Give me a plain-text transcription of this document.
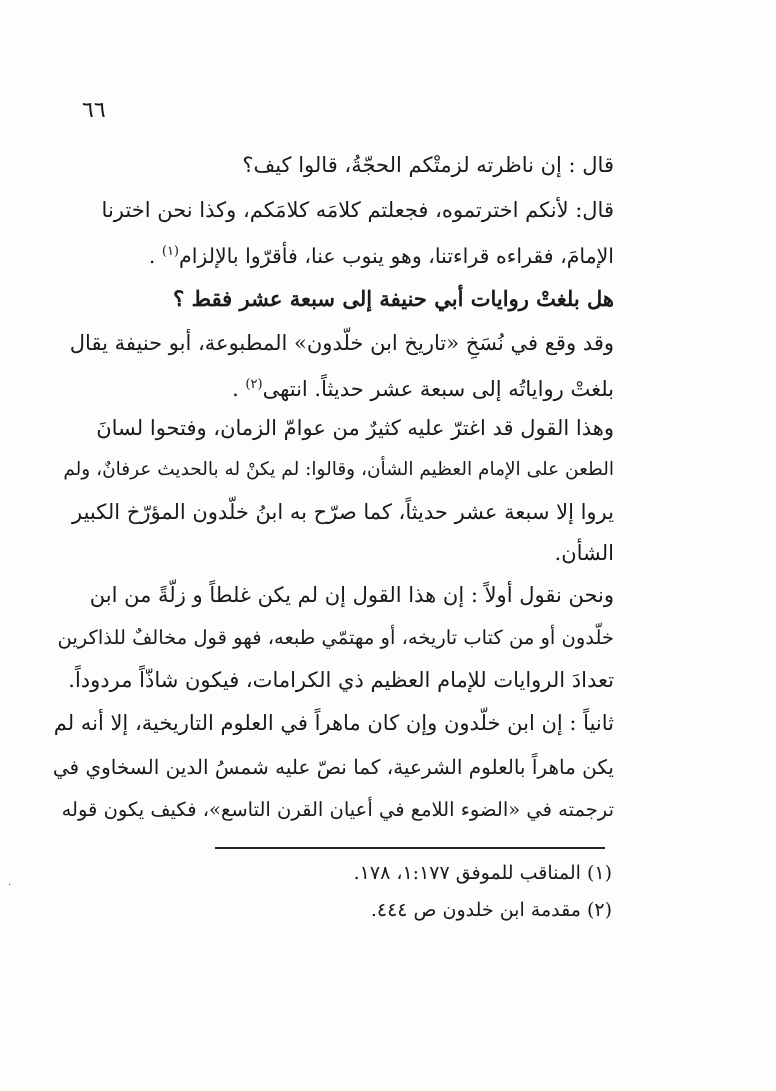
٦٦
قال : إن ناظرته لزمتْكم الحجّةُ، قالوا كيف؟
قال: لأنكم اخترتموه، فجعلتم كلامَه كلامَكم، وكذا نحن اخترنا
الإمامَ، فقراءه قراءتنا، وهو ينوب عنا، فأقرّوا بالإلزام$^{(١)}$ .
هل بلغتْ روايات أبي حنيفة إلى سبعة عشر فقط ؟
وقد وقع في نُسَخِ «تاريخ ابن خلّدون» المطبوعة، أبو حنيفة يقال
بلغتْ رواياتُه إلى سبعة عشر حديثاً. انتهى$^{(٢)}$ .
وهذا القول قد اغترّ عليه كثيرٌ من عوامّ الزمان، وفتحوا لسانَ
الطعن على الإمام العظيم الشأن، وقالوا: لم يكنْ له بالحديث عرفانٌ، ولم
يروا إلا سبعة عشر حديثاً، كما صرّح به ابنُ خلّدون المؤرّخ الكبير
الشأن.
ونحن نقول أولاً : إن هذا القول إن لم يكن غلطاً و زلّةً من ابن
خلّدون أو من كتاب تاريخه، أو مهتمّي طبعه، فهو قول مخالفٌ للذاكرين
تعدادَ الروايات للإمام العظيم ذي الكرامات، فيكون شاذّاً مردوداً.
ثانياً : إن ابن خلّدون وإن كان ماهراً في العلوم التاريخية، إلا أنه لم
يكن ماهراً بالعلوم الشرعية، كما نصّ عليه شمسُ الدين السخاوي في
ترجمته في «الضوء اللامع في أعيان القرن التاسع»، فكيف يكون قوله
(١) المناقب للموفق ١:١٧٧، ١٧٨.
(٢) مقدمة ابن خلدون ص ٤٤٤.
·
